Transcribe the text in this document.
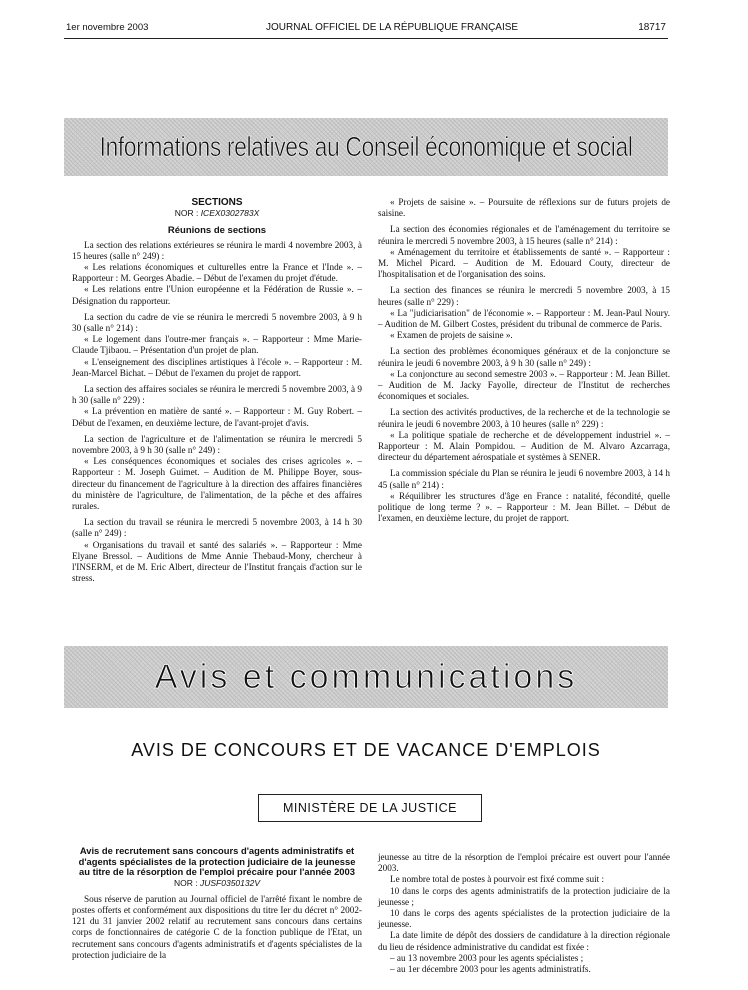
1er novembre 2003	JOURNAL OFFICIEL DE LA RÉPUBLIQUE FRANÇAISE	18717
Informations relatives au Conseil économique et social

SECTIONS

NOR : ICEX0302783X

Réunions de sections

La section des relations extérieures se réunira le mardi 4 novembre 2003, à 15 heures (salle n° 249) :

« Les relations économiques et culturelles entre la France et l'Inde ». – Rapporteur : M. Georges Abadie. – Début de l'examen du projet d'étude.

« Les relations entre l'Union européenne et la Fédération de Russie ». – Désignation du rapporteur.

La section du cadre de vie se réunira le mercredi 5 novembre 2003, à 9 h 30 (salle n° 214) :

« Le logement dans l'outre-mer français ». – Rapporteur : Mme Marie-Claude Tjibaou. – Présentation d'un projet de plan.

« L'enseignement des disciplines artistiques à l'école ». – Rapporteur : M. Jean-Marcel Bichat. – Début de l'examen du projet de rapport.

La section des affaires sociales se réunira le mercredi 5 novembre 2003, à 9 h 30 (salle n° 229) :

« La prévention en matière de santé ». – Rapporteur : M. Guy Robert. – Début de l'examen, en deuxième lecture, de l'avant-projet d'avis.

La section de l'agriculture et de l'alimentation se réunira le mercredi 5 novembre 2003, à 9 h 30 (salle n° 249) :

« Les conséquences économiques et sociales des crises agricoles ». – Rapporteur : M. Joseph Guimet. – Audition de M. Philippe Boyer, sous-directeur du financement de l'agriculture à la direction des affaires financières du ministère de l'agriculture, de l'alimentation, de la pêche et des affaires rurales.

La section du travail se réunira le mercredi 5 novembre 2003, à 14 h 30 (salle n° 249) :

« Organisations du travail et santé des salariés ». – Rapporteur : Mme Elyane Bressol. – Auditions de Mme Annie Thebaud-Mony, chercheur à l'INSERM, et de M. Eric Albert, directeur de l'Institut français d'action sur le stress.

« Projets de saisine ». – Poursuite de réflexions sur de futurs projets de saisine.

La section des économies régionales et de l'aménagement du territoire se réunira le mercredi 5 novembre 2003, à 15 heures (salle n° 214) :

« Aménagement du territoire et établissements de santé ». – Rapporteur : M. Michel Picard. – Audition de M. Edouard Couty, directeur de l'hospitalisation et de l'organisation des soins.

La section des finances se réunira le mercredi 5 novembre 2003, à 15 heures (salle n° 229) :

« La "judiciarisation" de l'économie ». – Rapporteur : M. Jean-Paul Noury. – Audition de M. Gilbert Costes, président du tribunal de commerce de Paris.

« Examen de projets de saisine ».

La section des problèmes économiques généraux et de la conjoncture se réunira le jeudi 6 novembre 2003, à 9 h 30 (salle n° 249) :

« La conjoncture au second semestre 2003 ». – Rapporteur : M. Jean Billet. – Audition de M. Jacky Fayolle, directeur de l'Institut de recherches économiques et sociales.

La section des activités productives, de la recherche et de la technologie se réunira le jeudi 6 novembre 2003, à 10 heures (salle n° 229) :

« La politique spatiale de recherche et de développement industriel ». – Rapporteur : M. Alain Pompidou. – Audition de M. Alvaro Azcarraga, directeur du département aérospatiale et systèmes à SENER.

La commission spéciale du Plan se réunira le jeudi 6 novembre 2003, à 14 h 45 (salle n° 214) :

« Réquilibrer les structures d'âge en France : natalité, fécondité, quelle politique de long terme ? ». – Rapporteur : M. Jean Billet. – Début de l'examen, en deuxième lecture, du projet de rapport.

Avis et communications
AVIS DE CONCOURS ET DE VACANCE D'EMPLOIS
MINISTÈRE DE LA JUSTICE

Avis de recrutement sans concours d'agents administratifs et d'agents spécialistes de la protection judiciaire de la jeunesse au titre de la résorption de l'emploi précaire pour l'année 2003

NOR : JUSF0350132V

Sous réserve de parution au Journal officiel de l'arrêté fixant le nombre de postes offerts et conformément aux dispositions du titre Ier du décret n° 2002-121 du 31 janvier 2002 relatif au recrutement sans concours dans certains corps de fonctionnaires de catégorie C de la fonction publique de l'Etat, un recrutement sans concours d'agents administratifs et d'agents spécialistes de la protection judiciaire de la

jeunesse au titre de la résorption de l'emploi précaire est ouvert pour l'année 2003.

Le nombre total de postes à pourvoir est fixé comme suit :

10 dans le corps des agents administratifs de la protection judiciaire de la jeunesse ;

10 dans le corps des agents spécialistes de la protection judiciaire de la jeunesse.

La date limite de dépôt des dossiers de candidature à la direction régionale du lieu de résidence administrative du candidat est fixée :

– au 13 novembre 2003 pour les agents spécialistes ;

– au 1er décembre 2003 pour les agents administratifs.
